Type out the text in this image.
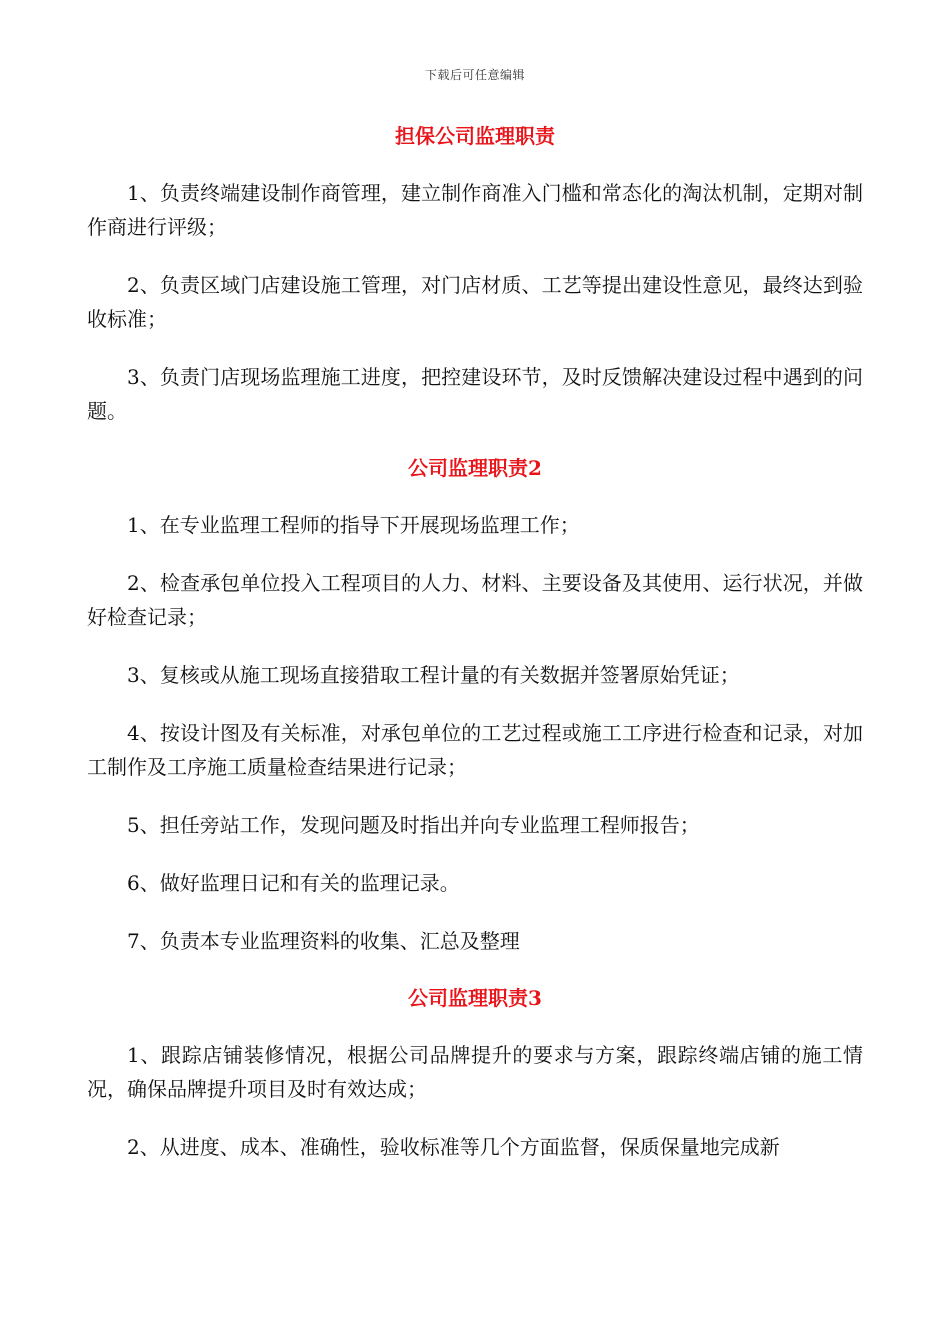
下载后可任意编辑

担保公司监理职责

1、负责终端建设制作商管理，建立制作商准入门槛和常态化的淘汰机制，定期对制作商进行评级；

2、负责区域门店建设施工管理，对门店材质、工艺等提出建设性意见，最终达到验收标准；

3、负责门店现场监理施工进度，把控建设环节，及时反馈解决建设过程中遇到的问题。

公司监理职责2

1、在专业监理工程师的指导下开展现场监理工作；

2、检查承包单位投入工程项目的人力、材料、主要设备及其使用、运行状况，并做好检查记录；

3、复核或从施工现场直接猎取工程计量的有关数据并签署原始凭证；

4、按设计图及有关标准，对承包单位的工艺过程或施工工序进行检查和记录，对加工制作及工序施工质量检查结果进行记录；

5、担任旁站工作，发现问题及时指出并向专业监理工程师报告；

6、做好监理日记和有关的监理记录。

7、负责本专业监理资料的收集、汇总及整理

公司监理职责3

1、跟踪店铺装修情况，根据公司品牌提升的要求与方案，跟踪终端店铺的施工情况，确保品牌提升项目及时有效达成；

2、从进度、成本、准确性，验收标准等几个方面监督，保质保量地完成新
